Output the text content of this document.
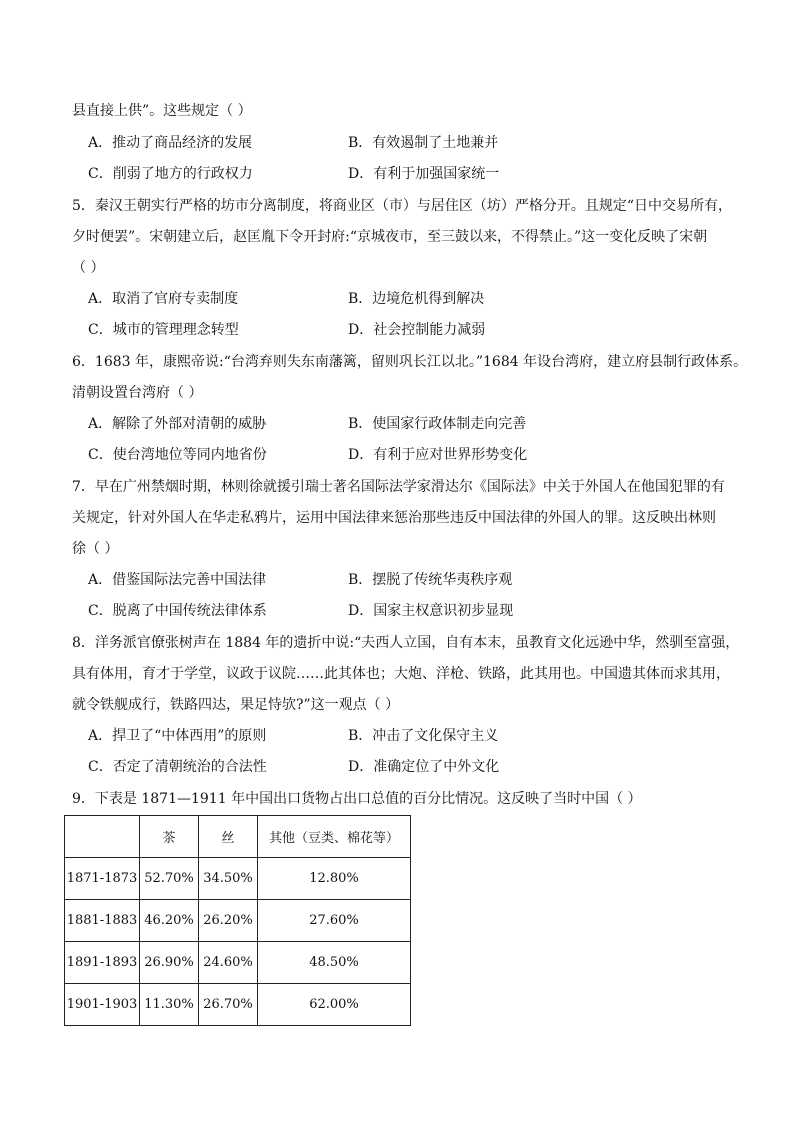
县直接上供”。这些规定（ ）
A．推动了商品经济的发展	B．有效遏制了土地兼并
C．削弱了地方的行政权力	D．有利于加强国家统一
5．秦汉王朝实行严格的坊市分离制度，将商业区（市）与居住区（坊）严格分开。且规定“日中交易所有，
夕时便罢”。宋朝建立后，赵匡胤下令开封府:“京城夜市，至三鼓以来，不得禁止。”这一变化反映了宋朝
（ ）
A．取消了官府专卖制度	B．边境危机得到解决
C．城市的管理理念转型	D．社会控制能力减弱
6．1683 年，康熙帝说:“台湾弃则失东南藩篱，留则巩长江以北。”1684 年设台湾府，建立府县制行政体系。
清朝设置台湾府（ ）
A．解除了外部对清朝的威胁	B．使国家行政体制走向完善
C．使台湾地位等同内地省份	D．有利于应对世界形势变化
7．早在广州禁烟时期，林则徐就援引瑞士著名国际法学家滑达尔《国际法》中关于外国人在他国犯罪的有
关规定，针对外国人在华走私鸦片，运用中国法律来惩治那些违反中国法律的外国人的罪。这反映出林则
徐（ ）
A．借鉴国际法完善中国法律	B．摆脱了传统华夷秩序观
C．脱离了中国传统法律体系	D．国家主权意识初步显现
8．洋务派官僚张树声在 1884 年的遗折中说:“夫西人立国，自有本末，虽教育文化远逊中华，然驯至富强，
具有体用，育才于学堂，议政于议院……此其体也；大炮、洋枪、铁路，此其用也。中国遗其体而求其用，
就令铁舰成行，铁路四达，果足恃欤?”这一观点（ ）
A．捍卫了“中体西用”的原则	B．冲击了文化保守主义
C．否定了清朝统治的合法性	D．准确定位了中外文化
9．下表是 1871—1911 年中国出口货物占出口总值的百分比情况。这反映了当时中国（ ）
	茶	丝	其他（豆类、棉花等）
1871-1873	52.70%	34.50%	12.80%
1881-1883	46.20%	26.20%	27.60%
1891-1893	26.90%	24.60%	48.50%
1901-1903	11.30%	26.70%	62.00%
